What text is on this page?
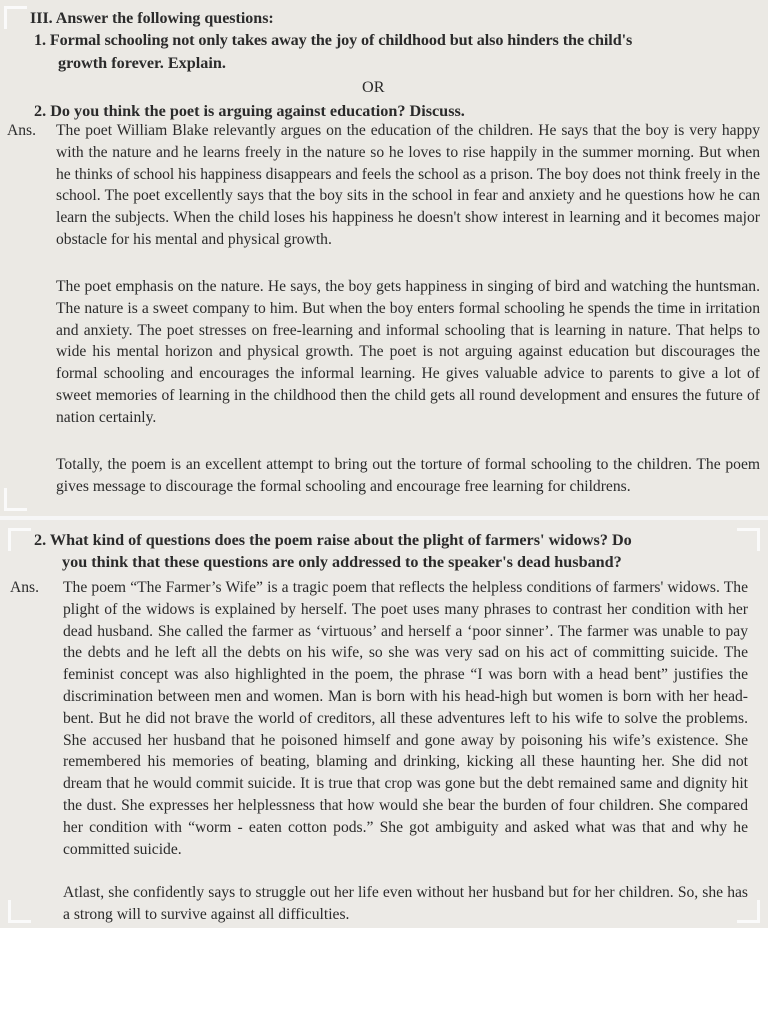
III. Answer the following questions:

1. Formal schooling not only takes away the joy of childhood but also hinders the child's

growth forever. Explain.

OR

2. Do you think the poet is arguing against education? Discuss.

Ans.	The poet William Blake relevantly argues on the education of the children. He says that the boy is very happy with the nature and he learns freely in the nature so he loves to rise happily in the summer morning. But when he thinks of school his happiness disappears and feels the school as a prison. The boy does not think freely in the school. The poet excellently says that the boy sits in the school in fear and anxiety and he questions how he can learn the subjects. When the child loses his happiness he doesn't show interest in learning and it becomes major obstacle for his mental and physical growth.

The poet emphasis on the nature. He says, the boy gets happiness in singing of bird and watching the huntsman. The nature is a sweet company to him. But when the boy enters formal schooling he spends the time in irritation and anxiety. The poet stresses on free-learning and informal schooling that is learning in nature. That helps to wide his mental horizon and physical growth. The poet is not arguing against education but discourages the formal schooling and encourages the informal learning. He gives valuable advice to parents to give a lot of sweet memories of learning in the childhood then the child gets all round development and ensures the future of nation certainly.

Totally, the poem is an excellent attempt to bring out the torture of formal schooling to the children. The poem gives message to discourage the formal schooling and encourage free learning for childrens.

2. What kind of questions does the poem raise about the plight of farmers' widows? Do

you think that these questions are only addressed to the speaker's dead husband?

Ans.	The poem “The Farmer’s Wife” is a tragic poem that reflects the helpless conditions of farmers' widows. The plight of the widows is explained by herself. The poet uses many phrases to contrast her condition with her dead husband. She called the farmer as ‘virtuous’ and herself a ‘poor sinner’. The farmer was unable to pay the debts and he left all the debts on his wife, so she was very sad on his act of committing suicide. The feminist concept was also highlighted in the poem, the phrase “I was born with a head bent” justifies the discrimination between men and women. Man is born with his head-high but women is born with her head-bent. But he did not brave the world of creditors, all these adventures left to his wife to solve the problems. She accused her husband that he poisoned himself and gone away by poisoning his wife’s existence. She remembered his memories of beating, blaming and drinking, kicking all these haunting her. She did not dream that he would commit suicide. It is true that crop was gone but the debt remained same and dignity hit the dust. She expresses her helplessness that how would she bear the burden of four children. She compared her condition with “worm - eaten cotton pods.” She got ambiguity and asked what was that and why he committed suicide.

Atlast, she confidently says to struggle out her life even without her husband but for her children. So, she has a strong will to survive against all difficulties.
